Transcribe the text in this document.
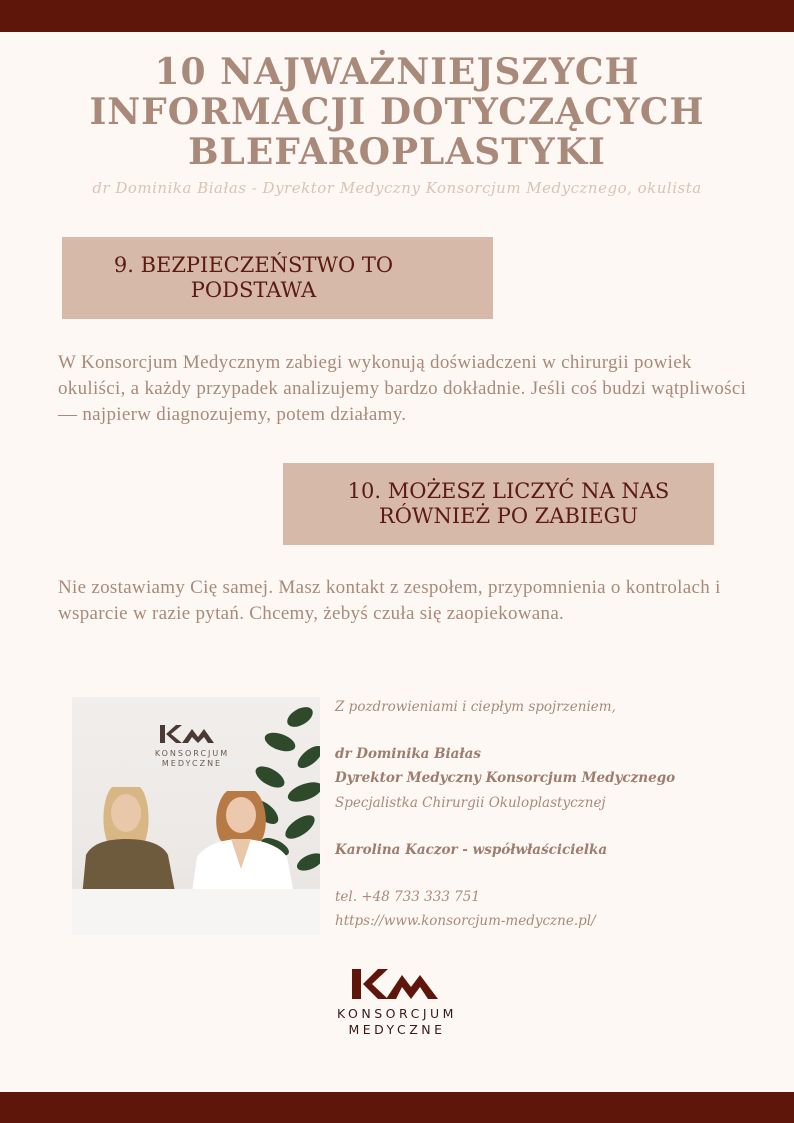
10 NAJWAŻNIEJSZYCH
INFORMACJI DOTYCZĄCYCH
BLEFAROPLASTYKI

dr Dominika Białas - Dyrektor Medyczny Konsorcjum Medycznego, okulista

9. BEZPIECZEŃSTWO TO
PODSTAWA

W Konsorcjum Medycznym zabiegi wykonują doświadczeni w chirurgii powiek okuliści, a każdy przypadek analizujemy bardzo dokładnie. Jeśli coś budzi wątpliwości — najpierw diagnozujemy, potem działamy.

10. MOŻESZ LICZYĆ NA NAS
RÓWNIEŻ PO ZABIEGU

Nie zostawiamy Cię samej. Masz kontakt z zespołem, przypomnienia o kontrolach i wsparcie w razie pytań. Chcemy, żebyś czuła się zaopiekowana.

KONSORCJUM
MEDYCZNE

Z pozdrowieniami i ciepłym spojrzeniem,

dr Dominika Białas

Dyrektor Medyczny Konsorcjum Medycznego

Specjalistka Chirurgii Okuloplastycznej

Karolina Kaczor - współwłaścicielka

tel. +48 733 333 751

https://www.konsorcjum-medyczne.pl/

KONSORCJUM
MEDYCZNE
